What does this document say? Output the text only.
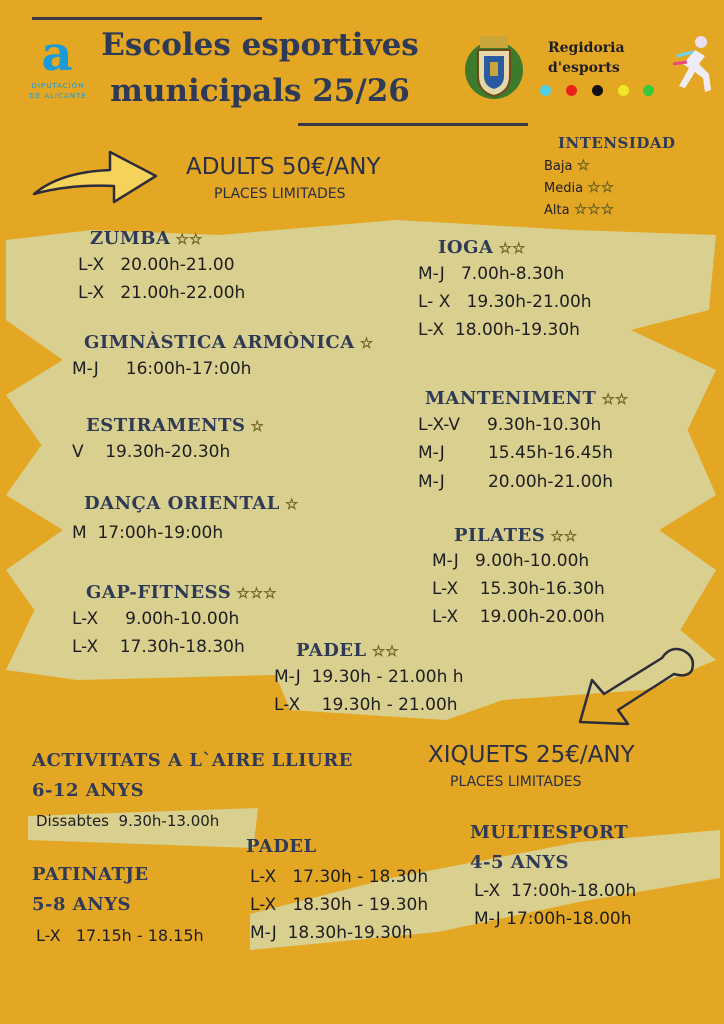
a
DIPUTACIÓN
DE ALICANTE
Escoles esportives
municipals 25/26
Regidoria
d'esports
ADULTS 50€/ANY
PLACES LIMITADES
INTENSIDAD
Baja ☆
Media ☆☆
Alta ☆☆☆
ZUMBA ☆☆
L-X   20.00h-21.00
L-X   21.00h-22.00h
IOGA ☆☆
M-J   7.00h-8.30h
L- X   19.30h-21.00h
L-X  18.00h-19.30h
GIMNÀSTICA ARMÒNICA ☆
M-J     16:00h-17:00h
MANTENIMENT ☆☆
L-X-V     9.30h-10.30h
M-J        15.45h-16.45h
M-J        20.00h-21.00h
ESTIRAMENTS ☆
V    19.30h-20.30h
DANÇA ORIENTAL ☆
M  17:00h-19:00h	PILATES ☆☆
M-J   9.00h-10.00h
L-X    15.30h-16.30h
L-X    19.00h-20.00h
GAP-FITNESS ☆☆☆
L-X     9.00h-10.00h
L-X    17.30h-18.30h	PADEL ☆☆
M-J  19.30h - 21.00h h
L-X    19.30h - 21.00h
XIQUETS 25€/ANY
PLACES LIMITADES
ACTIVITATS A L`AIRE LLIURE
6-12 ANYS
Dissabtes  9.30h-13.00h
PATINATJE
5-8 ANYS
L-X   17.15h - 18.15h
PADEL
L-X   17.30h - 18.30h
L-X   18.30h - 19.30h
M-J  18.30h-19.30h
MULTIESPORT
4-5 ANYS
L-X  17:00h-18.00h
M-J 17:00h-18.00h
